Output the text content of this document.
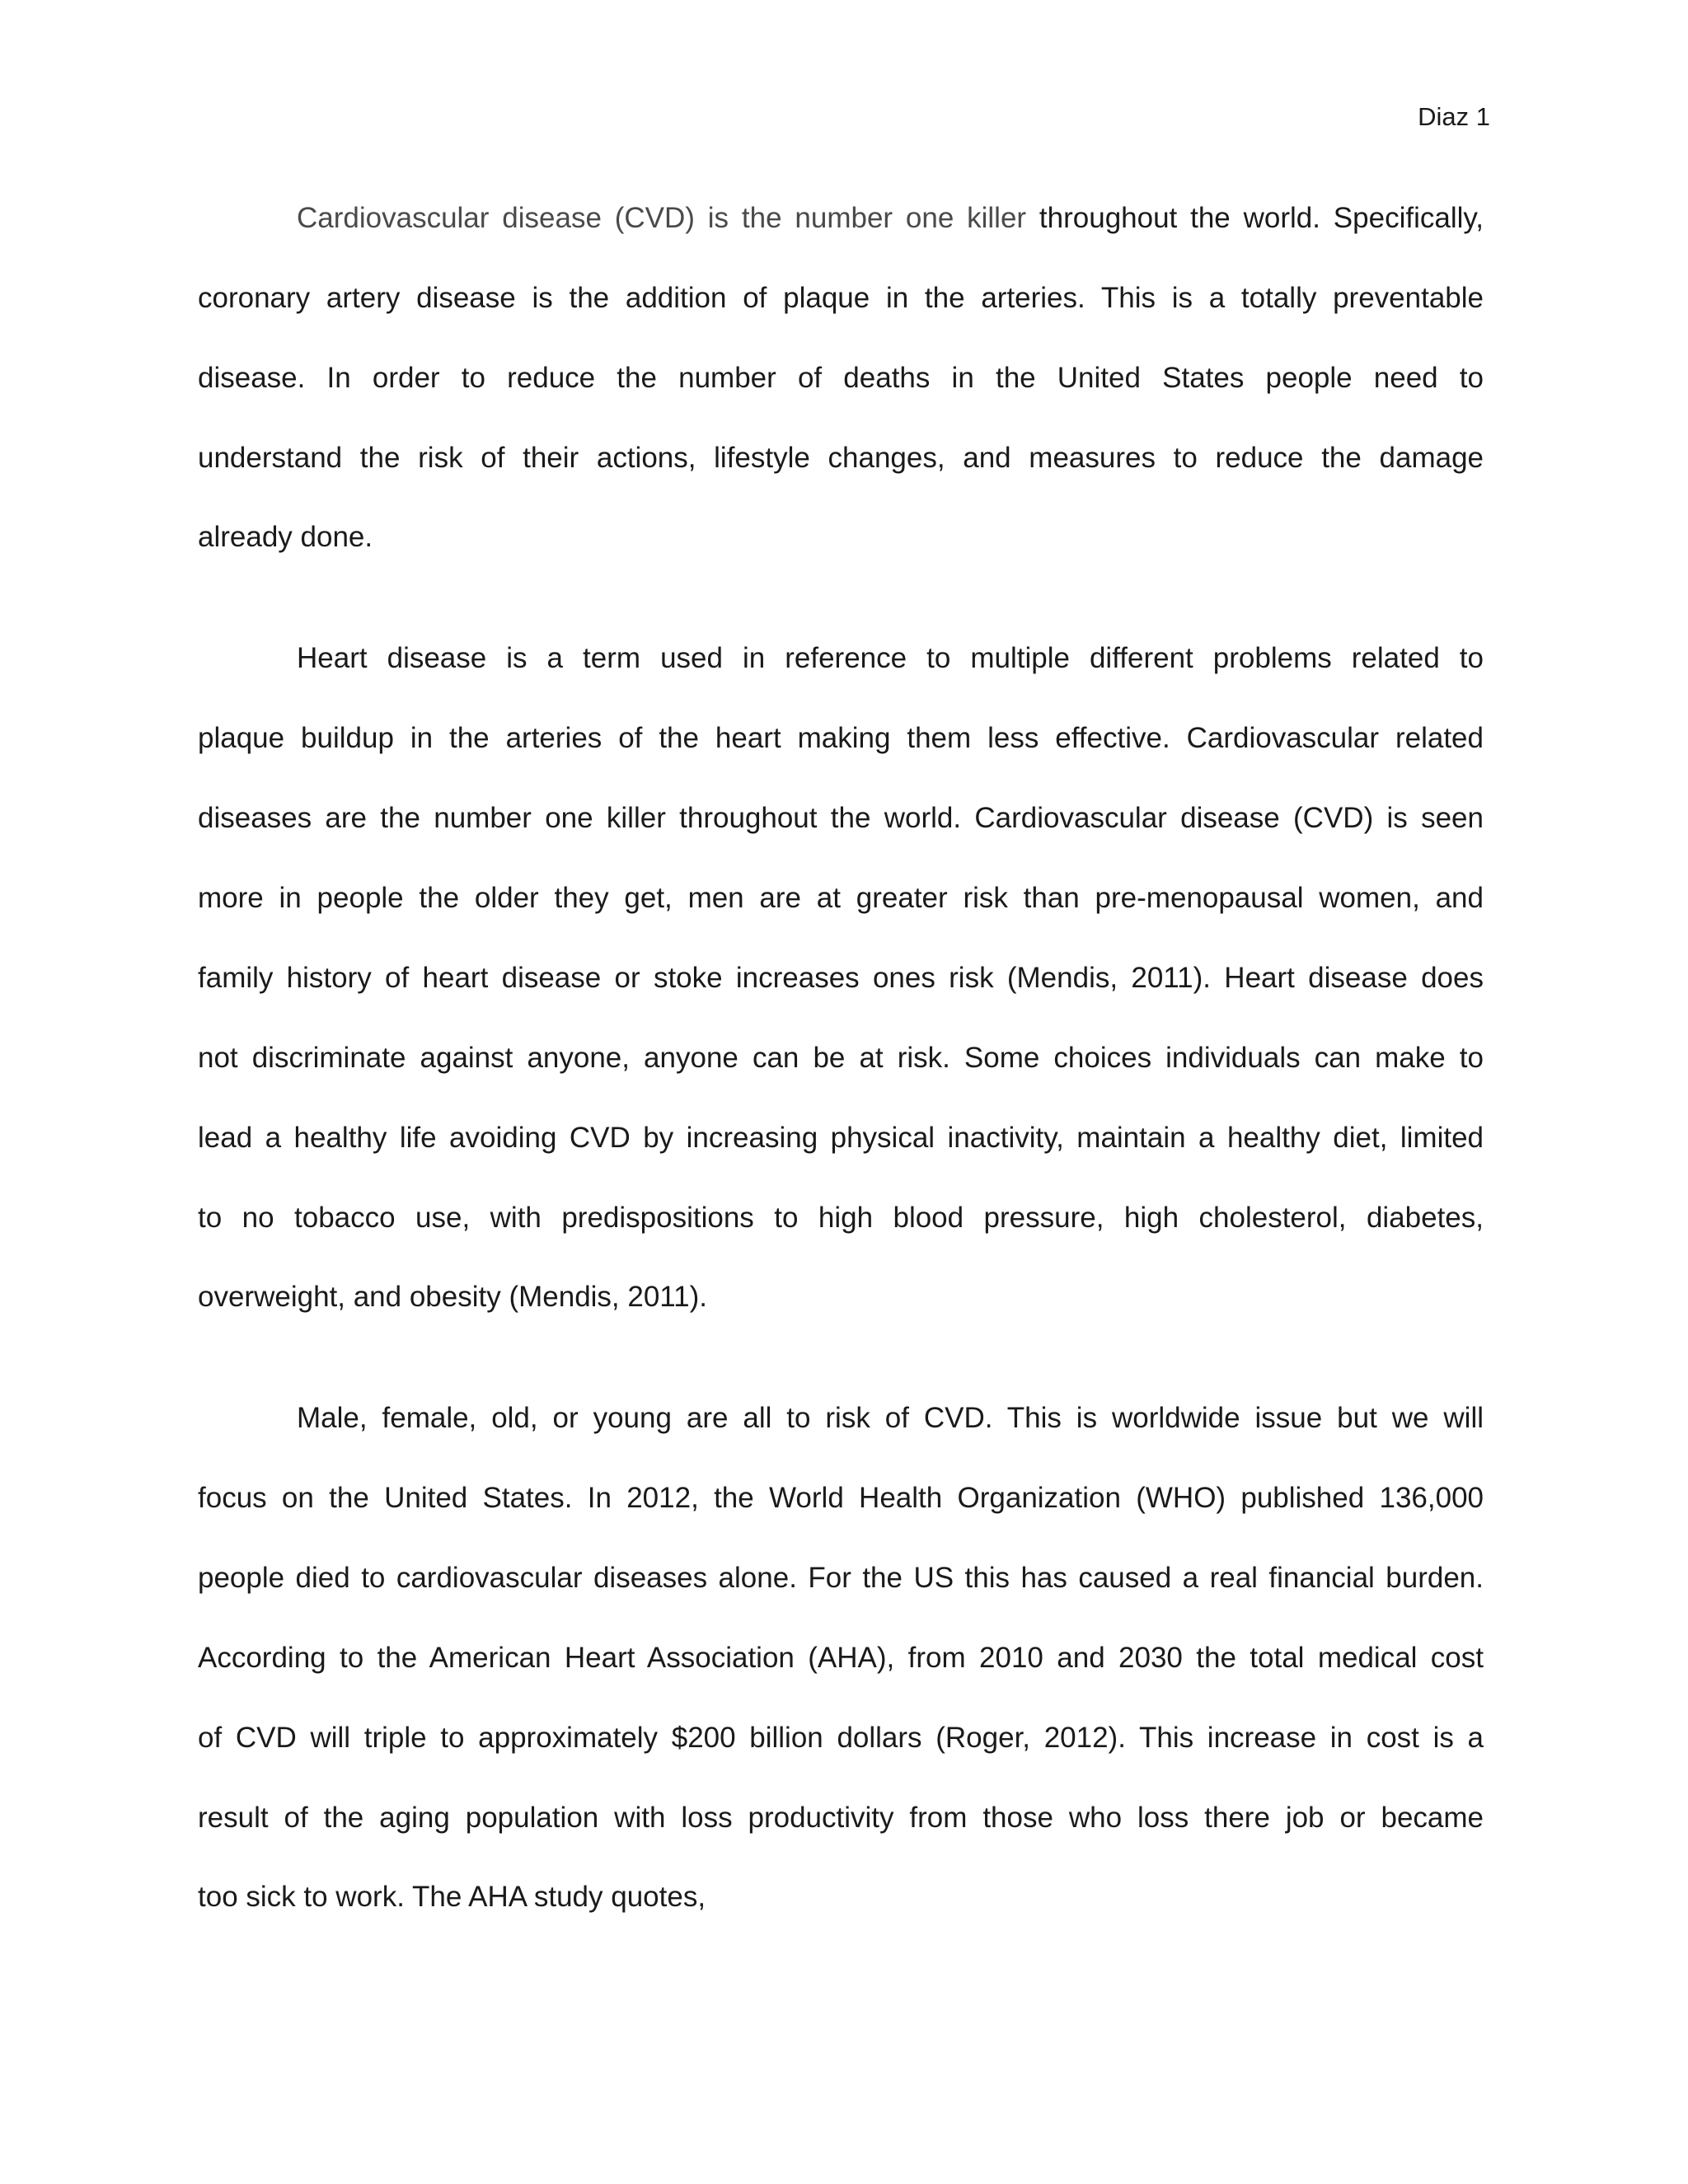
Diaz 1
Cardiovascular disease (CVD) is the number one killer throughout the world. Specifically,
coronary artery disease is the addition of plaque in the arteries. This is a totally preventable
disease. In order to reduce the number of deaths in the United States people need to
understand the risk of their actions, lifestyle changes, and measures to reduce the damage
already done.
Heart disease is a term used in reference to multiple different problems related to
plaque buildup in the arteries of the heart making them less effective. Cardiovascular related
diseases are the number one killer throughout the world. Cardiovascular disease (CVD) is seen
more in people the older they get, men are at greater risk than pre-menopausal women, and
family history of heart disease or stoke increases ones risk (Mendis, 2011). Heart disease does
not discriminate against anyone, anyone can be at risk. Some choices individuals can make to
lead a healthy life avoiding CVD by increasing physical inactivity, maintain a healthy diet, limited
to no tobacco use, with predispositions to high blood pressure, high cholesterol, diabetes,
overweight, and obesity (Mendis, 2011).
Male, female, old, or young are all to risk of CVD. This is worldwide issue but we will
focus on the United States. In 2012, the World Health Organization (WHO) published 136,000
people died to cardiovascular diseases alone. For the US this has caused a real financial burden.
According to the American Heart Association (AHA), from 2010 and 2030 the total medical cost
of CVD will triple to approximately $200 billion dollars (Roger, 2012). This increase in cost is a
result of the aging population with loss productivity from those who loss there job or became
too sick to work. The AHA study quotes,
